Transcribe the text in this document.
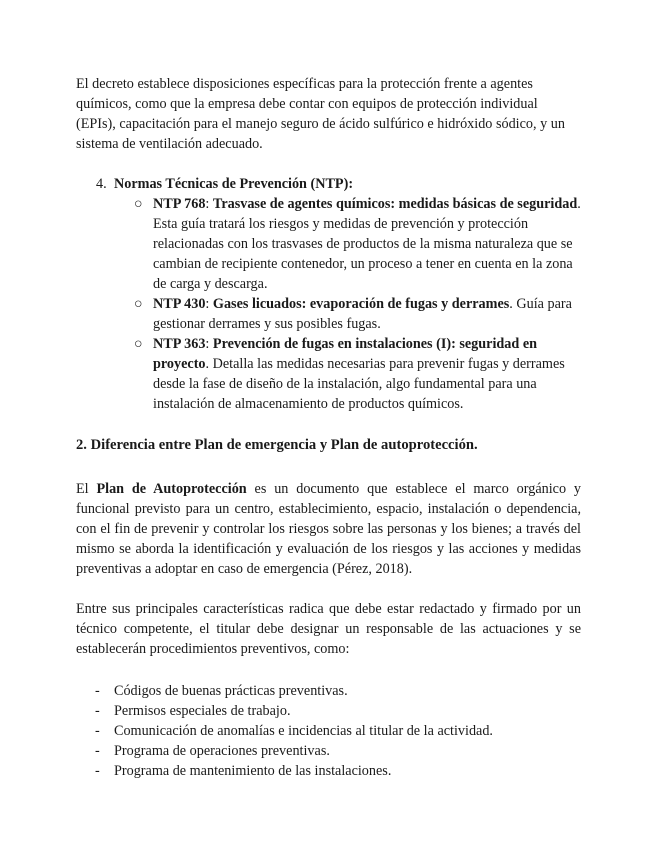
El decreto establece disposiciones específicas para la protección frente a agentes químicos, como que la empresa debe contar con equipos de protección individual (EPIs), capacitación para el manejo seguro de ácido sulfúrico e hidróxido sódico, y un sistema de ventilación adecuado.

4. Normas Técnicas de Prevención (NTP):
○ NTP 768: Trasvase de agentes químicos: medidas básicas de seguridad. Esta guía tratará los riesgos y medidas de prevención y protección relacionadas con los trasvases de productos de la misma naturaleza que se cambian de recipiente contenedor, un proceso a tener en cuenta en la zona de carga y descarga.
○ NTP 430: Gases licuados: evaporación de fugas y derrames. Guía para gestionar derrames y sus posibles fugas.
○ NTP 363: Prevención de fugas en instalaciones (I): seguridad en proyecto. Detalla las medidas necesarias para prevenir fugas y derrames desde la fase de diseño de la instalación, algo fundamental para una instalación de almacenamiento de productos químicos.
2. Diferencia entre Plan de emergencia y Plan de autoprotección.

El Plan de Autoprotección es un documento que establece el marco orgánico y funcional previsto para un centro, establecimiento, espacio, instalación o dependencia, con el fin de prevenir y controlar los riesgos sobre las personas y los bienes; a través del mismo se aborda la identificación y evaluación de los riesgos y las acciones y medidas preventivas a adoptar en caso de emergencia (Pérez, 2018).

Entre sus principales características radica que debe estar redactado y firmado por un técnico competente, el titular debe designar un responsable de las actuaciones y se establecerán procedimientos preventivos, como:

- Códigos de buenas prácticas preventivas.
- Permisos especiales de trabajo.
- Comunicación de anomalías e incidencias al titular de la actividad.
- Programa de operaciones preventivas.
- Programa de mantenimiento de las instalaciones.
